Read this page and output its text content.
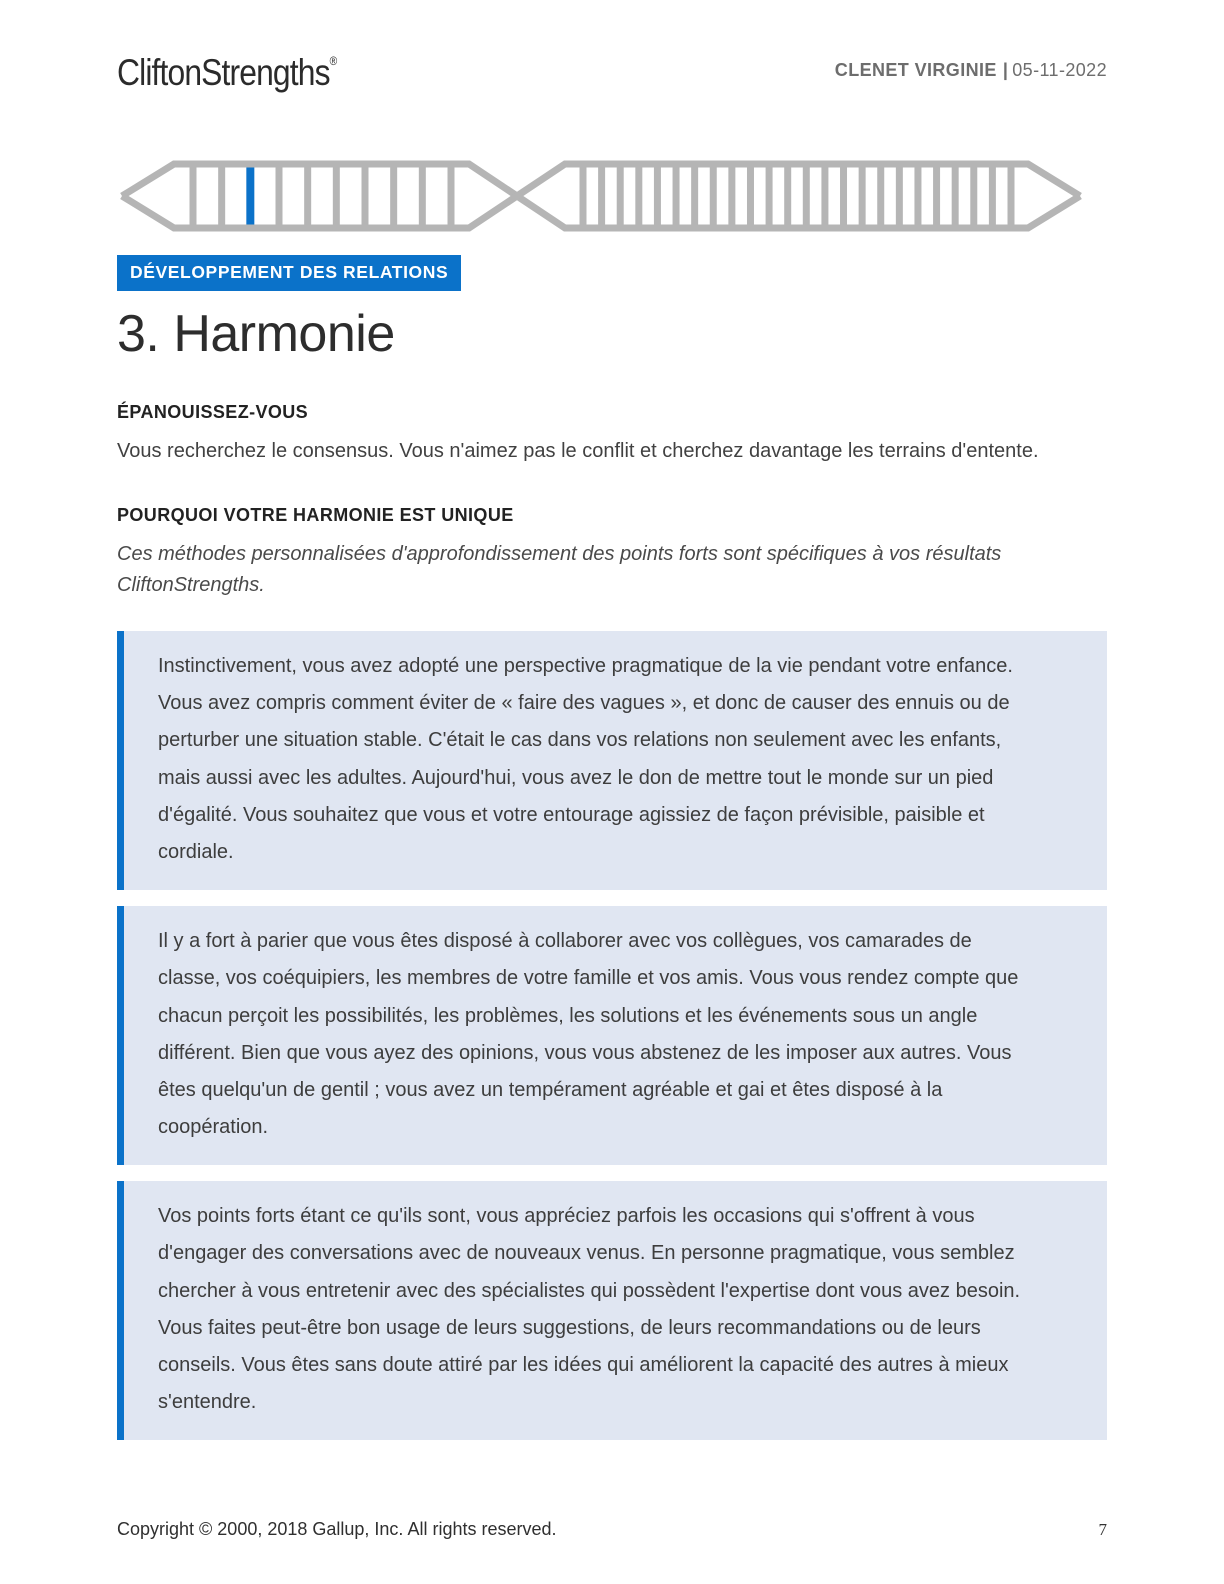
CliftonStrengths®	CLENET VIRGINIE | 05-11-2022
DÉVELOPPEMENT DES RELATIONS
3. Harmonie
ÉPANOUISSEZ-VOUS

Vous recherchez le consensus. Vous n'aimez pas le conflit et cherchez davantage les terrains d'entente.

POURQUOI VOTRE HARMONIE EST UNIQUE

Ces méthodes personnalisées d'approfondissement des points forts sont spécifiques à vos résultats CliftonStrengths.

Instinctivement, vous avez adopté une perspective pragmatique de la vie pendant votre enfance. Vous avez compris comment éviter de « faire des vagues », et donc de causer des ennuis ou de perturber une situation stable. C'était le cas dans vos relations non seulement avec les enfants, mais aussi avec les adultes. Aujourd'hui, vous avez le don de mettre tout le monde sur un pied d'égalité. Vous souhaitez que vous et votre entourage agissiez de façon prévisible, paisible et cordiale.

Il y a fort à parier que vous êtes disposé à collaborer avec vos collègues, vos camarades de classe, vos coéquipiers, les membres de votre famille et vos amis. Vous vous rendez compte que chacun perçoit les possibilités, les problèmes, les solutions et les événements sous un angle différent. Bien que vous ayez des opinions, vous vous abstenez de les imposer aux autres. Vous êtes quelqu'un de gentil ; vous avez un tempérament agréable et gai et êtes disposé à la coopération.

Vos points forts étant ce qu'ils sont, vous appréciez parfois les occasions qui s'offrent à vous d'engager des conversations avec de nouveaux venus. En personne pragmatique, vous semblez chercher à vous entretenir avec des spécialistes qui possèdent l'expertise dont vous avez besoin. Vous faites peut-être bon usage de leurs suggestions, de leurs recommandations ou de leurs conseils. Vous êtes sans doute attiré par les idées qui améliorent la capacité des autres à mieux s'entendre.

Copyright © 2000, 2018 Gallup, Inc. All rights reserved.	7
